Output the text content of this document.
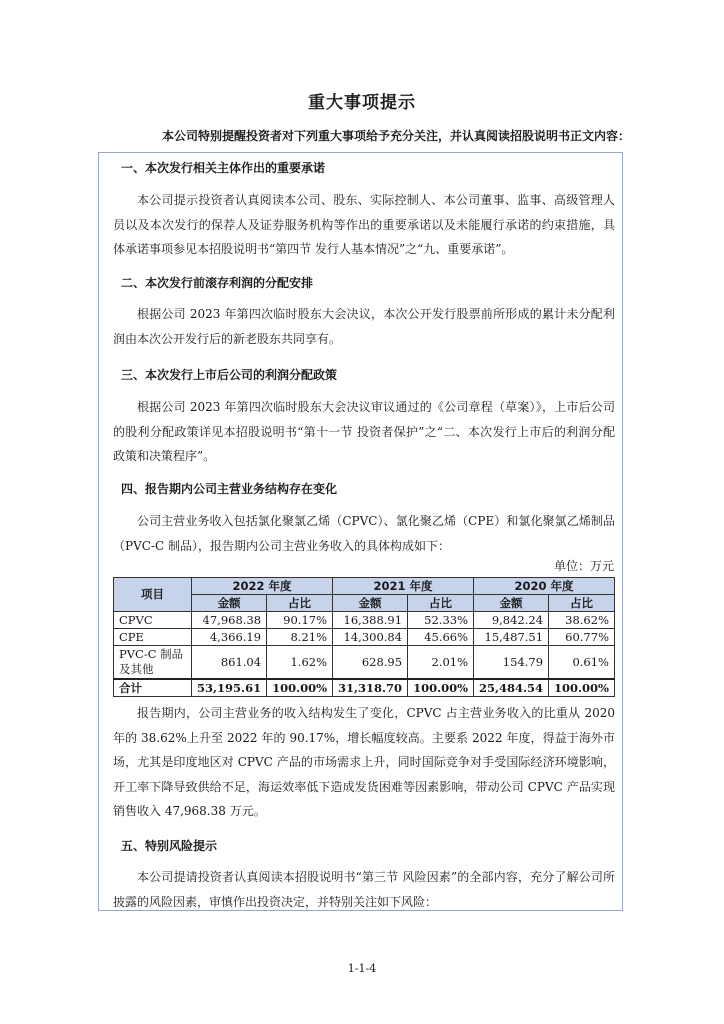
重大事项提示
本公司特别提醒投资者对下列重大事项给予充分关注，并认真阅读招股说明书正文内容：
一、本次发行相关主体作出的重要承诺

本公司提示投资者认真阅读本公司、股东、实际控制人、本公司董事、监事、高级管理人员以及本次发行的保荐人及证券服务机构等作出的重要承诺以及未能履行承诺的约束措施，具体承诺事项参见本招股说明书“第四节 发行人基本情况”之“九、重要承诺”。

二、本次发行前滚存利润的分配安排

根据公司 2023 年第四次临时股东大会决议，本次公开发行股票前所形成的累计未分配利润由本次公开发行后的新老股东共同享有。

三、本次发行上市后公司的利润分配政策

根据公司 2023 年第四次临时股东大会决议审议通过的《公司章程（草案）》，上市后公司的股利分配政策详见本招股说明书“第十一节 投资者保护”之“二、本次发行上市后的利润分配政策和决策程序”。

四、报告期内公司主营业务结构存在变化

公司主营业务收入包括氯化聚氯乙烯（CPVC）、氯化聚乙烯（CPE）和氯化聚氯乙烯制品（PVC-C 制品），报告期内公司主营业务收入的具体构成如下：

单位：万元
项目	2022 年度		2021 年度		2020 年度	
	金额	占比	金额	占比	金额	占比
CPVC	47,968.38	90.17%	16,388.91	52.33%	9,842.24	38.62%
CPE	4,366.19	8.21%	14,300.84	45.66%	15,487.51	60.77%
PVC-C 制品及其他	861.04	1.62%	628.95	2.01%	154.79	0.61%
合计	53,195.61	100.00%	31,318.70	100.00%	25,484.54	100.00%

报告期内，公司主营业务的收入结构发生了变化，CPVC 占主营业务收入的比重从 2020 年的 38.62%上升至 2022 年的 90.17%，增长幅度较高。主要系 2022 年度，得益于海外市场，尤其是印度地区对 CPVC 产品的市场需求上升，同时国际竞争对手受国际经济环境影响，开工率下降导致供给不足，海运效率低下造成发货困难等因素影响，带动公司 CPVC 产品实现销售收入 47,968.38 万元。

五、特别风险提示

本公司提请投资者认真阅读本招股说明书“第三节 风险因素”的全部内容，充分了解公司所披露的风险因素，审慎作出投资决定，并特别关注如下风险：

1-1-4
